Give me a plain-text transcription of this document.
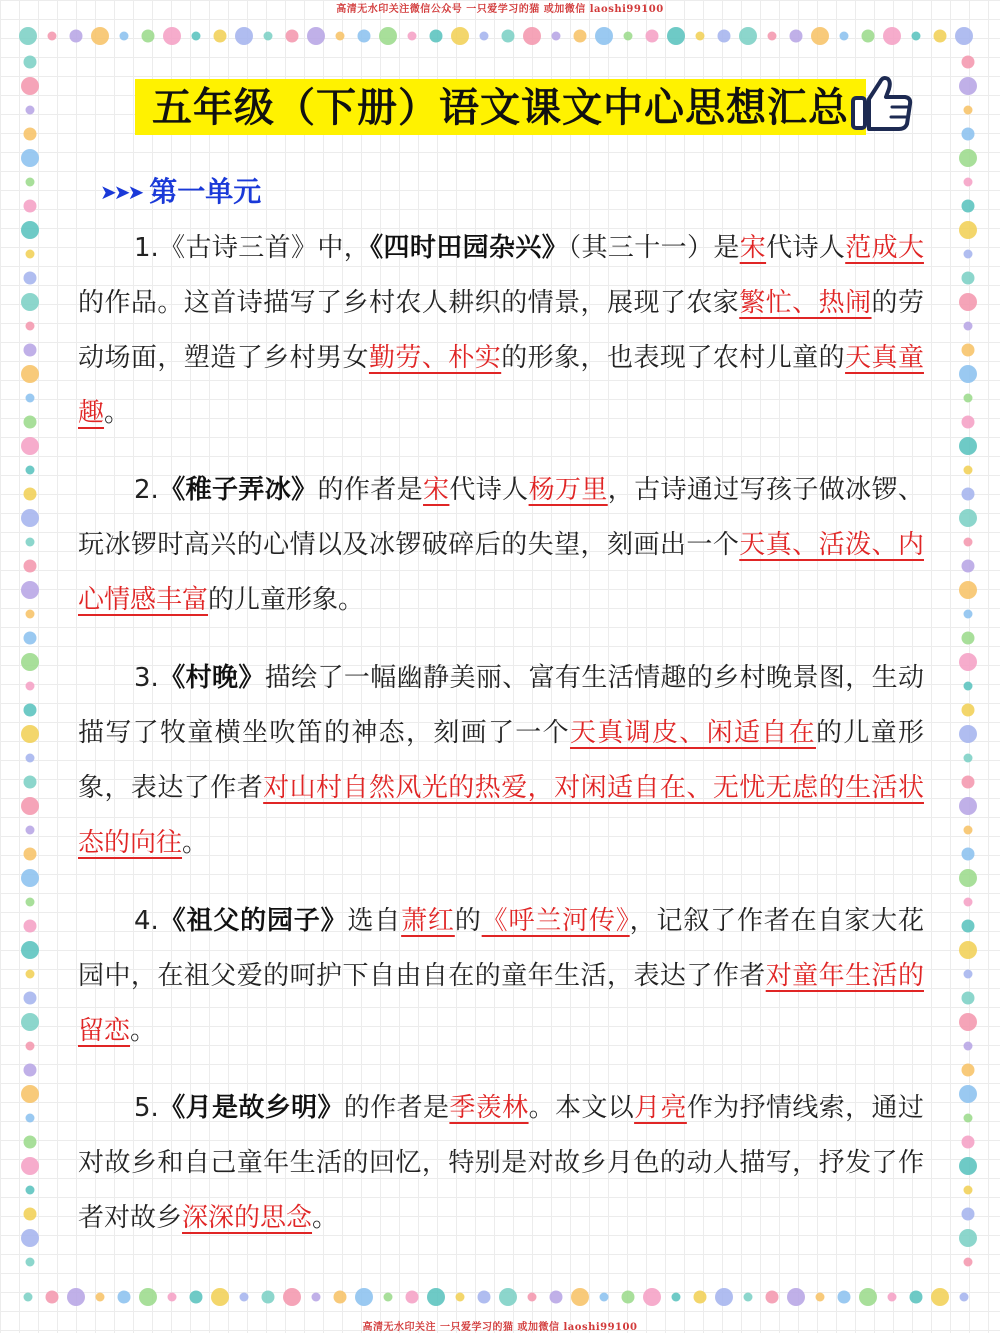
高清无水印关注微信公众号 一只爱学习的猫 或加微信 laoshi99100
五年级（下册）语文课文中心思想汇总
➤➤➤ 第一单元
1.《古诗三首》中，《四时田园杂兴》（其三十一）是宋代诗人范成大的作品。这首诗描写了乡村农人耕织的情景，展现了农家繁忙、热闹的劳动场面，塑造了乡村男女勤劳、朴实的形象，也表现了农村儿童的天真童趣。
2.《稚子弄冰》的作者是宋代诗人杨万里，古诗通过写孩子做冰锣、玩冰锣时高兴的心情以及冰锣破碎后的失望，刻画出一个天真、活泼、内心情感丰富的儿童形象。
3.《村晚》描绘了一幅幽静美丽、富有生活情趣的乡村晚景图，生动描写了牧童横坐吹笛的神态，刻画了一个天真调皮、闲适自在的儿童形象，表达了作者对山村自然风光的热爱，对闲适自在、无忧无虑的生活状态的向往。
4.《祖父的园子》选自萧红的《呼兰河传》，记叙了作者在自家大花园中，在祖父爱的呵护下自由自在的童年生活，表达了作者对童年生活的留恋。
5.《月是故乡明》的作者是季羡林。本文以月亮作为抒情线索，通过对故乡和自己童年生活的回忆，特别是对故乡月色的动人描写，抒发了作者对故乡深深的思念。
高清无水印关注 一只爱学习的猫 或加微信 laoshi99100
